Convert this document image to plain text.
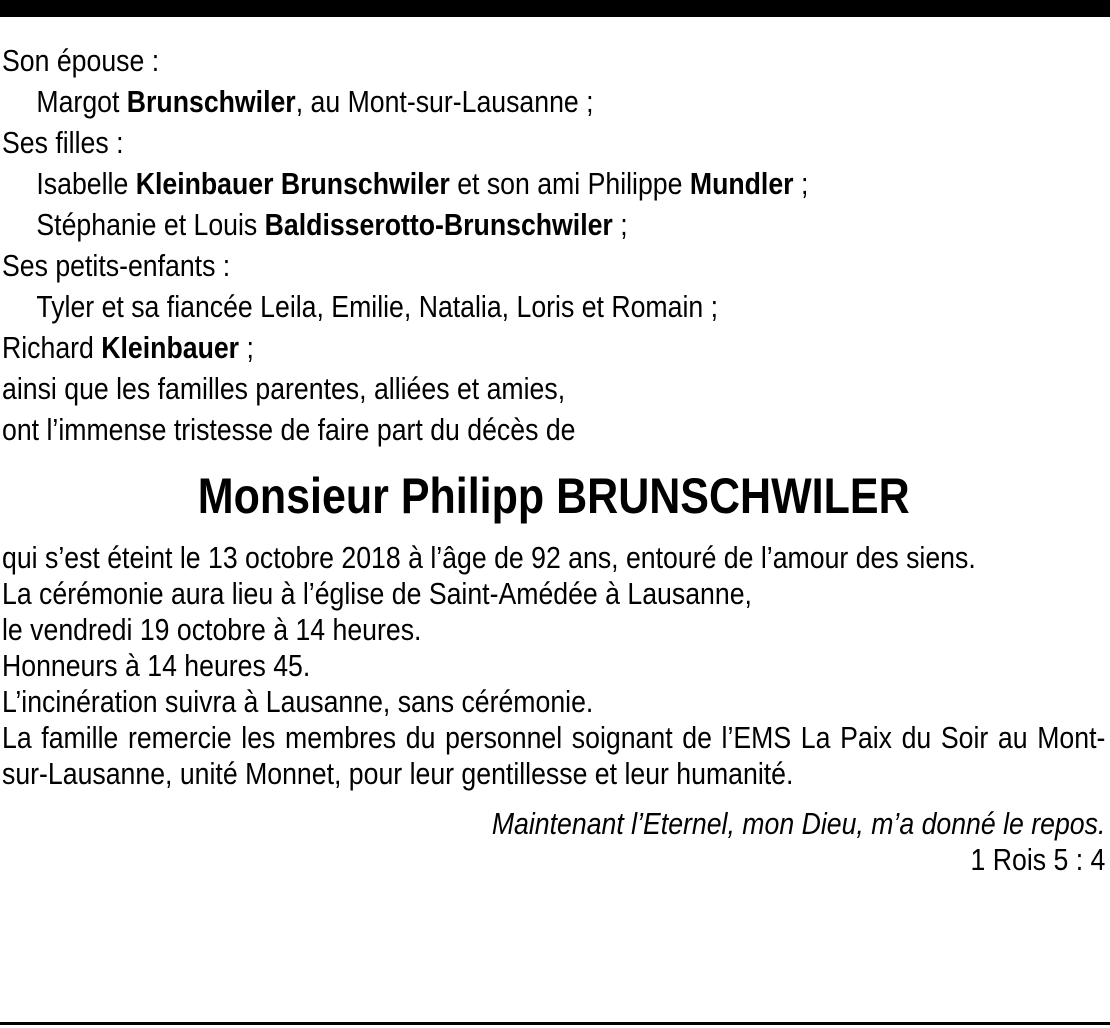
Son épouse :
Margot Brunschwiler, au Mont-sur-Lausanne ;
Ses filles :
Isabelle Kleinbauer Brunschwiler et son ami Philippe Mundler ;
Stéphanie et Louis Baldisserotto-Brunschwiler ;
Ses petits-enfants :
Tyler et sa fiancée Leila, Emilie, Natalia, Loris et Romain ;
Richard Kleinbauer ;
ainsi que les familles parentes, alliées et amies,
ont l’immense tristesse de faire part du décès de
Monsieur Philipp BRUNSCHWILER
qui s’est éteint le 13 octobre 2018 à l’âge de 92 ans, entouré de l’amour des siens.
La cérémonie aura lieu à l’église de Saint-Amédée à Lausanne,
le vendredi 19 octobre à 14 heures.
Honneurs à 14 heures 45.
L’incinération suivra à Lausanne, sans cérémonie.
La famille remercie les membres du personnel soignant de l’EMS La Paix du Soir au Mont-sur-Lausanne, unité Monnet, pour leur gentillesse et leur humanité.
Maintenant l’Eternel, mon Dieu, m’a donné le repos.
1 Rois 5 : 4
